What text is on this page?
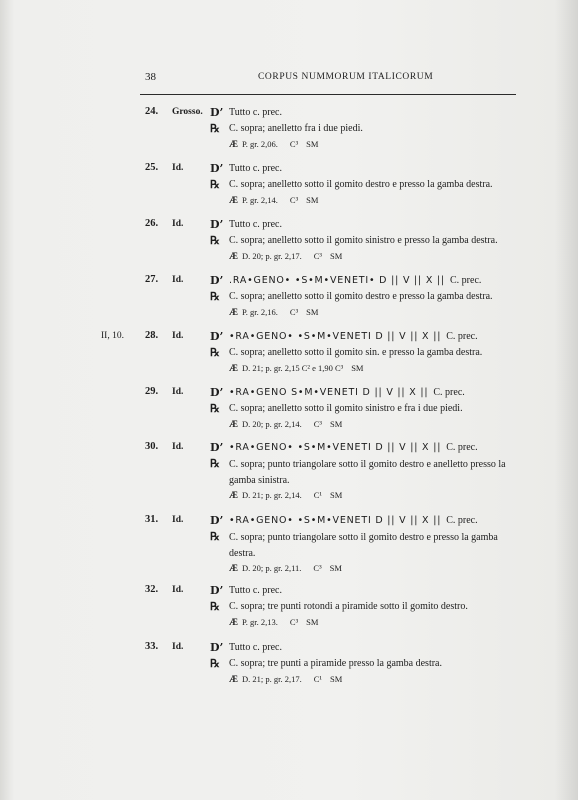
38	CORPUS NUMMORUM ITALICORUM
24. Grosso. D’ Tutto c. prec.
℞ C. sopra; anelletto fra i due piedi.
Æ P. gr. 2,06. C³ SM
25. Id. D’ Tutto c. prec.
℞ C. sopra; anelletto sotto il gomito destro e presso la gamba destra.
Æ P. gr. 2,14. C³ SM
26. Id. D’ Tutto c. prec.
℞ C. sopra; anelletto sotto il gomito sinistro e presso la gamba destra.
Æ D. 20; p. gr. 2,17. C³ SM
27. Id. D’ .RA•GENO• •S•M•VENETI• D || V || X || C. prec.
℞ C. sopra; anelletto sotto il gomito destro e presso la gamba destra.
Æ P. gr. 2,16. C³ SM
II, 10. 28. Id. D’ •RA•GENO• •S•M•VENETI D || V || X || C. prec.
℞ C. sopra; anelletto sotto il gomito sin. e presso la gamba destra.
Æ D. 21; p. gr. 2,15 C² e 1,90 C³ SM
29. Id. D’ •RA•GENO S•M•VENETI D || V || X || C. prec.
℞ C. sopra; anelletto sotto il gomito sinistro e fra i due piedi.
Æ D. 20; p. gr. 2,14. C³ SM
30. Id. D’ •RA•GENO• •S•M•VENETI D || V || X || C. prec.
℞ C. sopra; punto triangolare sotto il gomito destro e anelletto presso la gamba sinistra.
Æ D. 21; p. gr. 2,14. C¹ SM
31. Id. D’ •RA•GENO• •S•M•VENETI D || V || X || C. prec.
℞ C. sopra; punto triangolare sotto il gomito destro e presso la gamba destra.
Æ D. 20; p. gr. 2,11. C³ SM
32. Id. D’ Tutto c. prec.
℞ C. sopra; tre punti rotondi a piramide sotto il gomito destro.
Æ P. gr. 2,13. C³ SM
33. Id. D’ Tutto c. prec.
℞ C. sopra; tre punti a piramide presso la gamba destra.
Æ D. 21; p. gr. 2,17. C¹ SM
